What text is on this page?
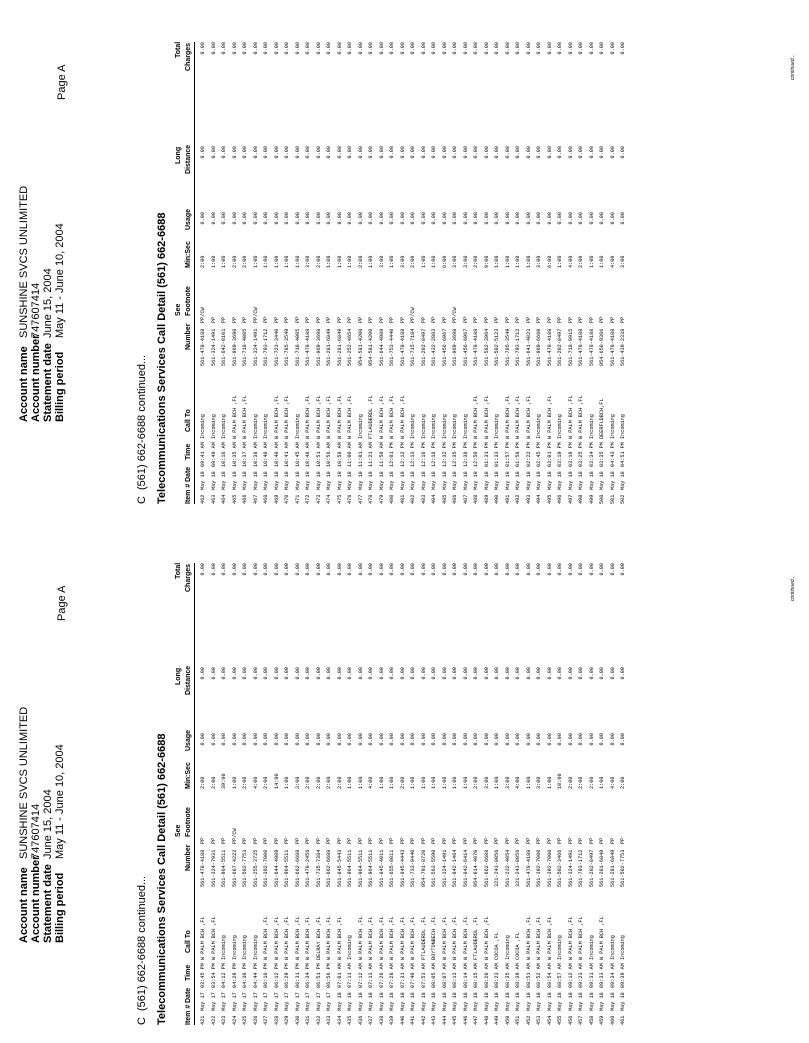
Account name
SUNSHINE SVCS UNLIMITED
Account number
747607414
Statement date
June 15, 2004
Billing period
May 11 - June 10, 2004
Page A
C(561) 662-6688 continued... Telecommunications Services Call Detail (561) 662-6688 Item #
Date
Time
Call To
Number
See Footnote
Min:Sec
Usage
Long Distance
Total Charges
421
May 17
03:45 PM
W PALM BCH ,FL
561-478-4188
PP
2:00
0.00
0.00
0.00
422
May 17
03:54 PM
W PALM BCH ,FL
561-324-7931
PP
2:00
0.00
0.00
0.00
423
May 17
04:12 PM
Incoming
561-964-5511
PP
39:00
0.00
0.00
0.00
424
May 17
04:29 PM
Incoming
561-667-4222
PP/CW
1:00
0.00
0.00
0.00
425
May 17
04:30 PM
Incoming
561-502-7753
PP
2:00
0.00
0.00
0.00
426
May 17
04:44 PM
Incoming
561-255-3725
PP
4:00
0.00
0.00
0.00
427
May 17
06:10 PM
W PALM BCH ,FL
561-392-7000
PP
2:00
0.00
0.00
0.00
428
May 17
06:12 PM
W PALM BCH ,FL
561-644-4989
PP
14:00
0.00
0.00
0.00
429
May 17
06:29 PM
W PALM BCH ,FL
561-964-5511
PP
1:00
0.00
0.00
0.00
430
May 17
06:31 PM
W PALM BCH ,FL
561-662-6688
PP
3:00
0.00
0.00
0.00
431
May 17
06:34 PM
W PALM BCH ,FL
561-478-2456
PP
2:00
0.00
0.00
0.00
432
May 17
06:51 PM
DELRAY BCH ,FL
561-735-7384
PP
2:00
0.00
0.00
0.00
433
May 17
06:56 PM
W PALM BCH ,FL
561-662-6688
PP
2:00
0.00
0.00
0.00
434
May 18
07:01 AM
W PALM BCH ,FL
561-845-5443
PP
2:00
0.00
0.00
0.00
435
May 18
07:11 AM
Incoming
561-964-5511
PP
1:00
0.00
0.00
0.00
436
May 18
07:12 AM
W PALM BCH ,FL
561-964-5511
PP
1:00
0.00
0.00
0.00
437
May 18
07:13 AM
W PALM BCH ,FL
561-964-5511
PP
4:00
0.00
0.00
0.00
438
May 18
07:26 AM
W PALM BCH ,FL
561-845-4011
PP
1:00
0.00
0.00
0.00
439
May 18
07:28 AM
W PALM BCH ,FL
561-655-8011
PP
1:00
0.00
0.00
0.00
440
May 18
07:31 AM
W PALM BCH ,FL
561-845-4443
PP
2:00
0.00
0.00
0.00
441
May 18
07:40 AM
W PALM BCH ,FL
561-733-9440
PP
1:00
0.00
0.00
0.00
442
May 18
07:53 AM
FTLAUDERDL ,FL
954-791-8720
PP
1:00
0.00
0.00
0.00
443
May 18
08:05 AM
BOYTONBECH ,FL
561-563-5590
PP
1:00
0.00
0.00
0.00
444
May 18
08:07 AM
W PALM BCH ,FL
561-324-1491
PP
1:00
0.00
0.00
0.00
445
May 18
08:13 AM
W PALM BCH ,FL
561-842-1464
PP
1:00
0.00
0.00
0.00
446
May 18
08:14 AM
W PALM BCH ,FL
561-842-6414
PP
1:00
0.00
0.00
0.00
447
May 18
08:15 AM
FTLAUDERDL ,FL
954-914-4070
PP
2:00
0.00
0.00
0.00
448
May 18
08:20 AM
W PALM BCH ,FL
561-662-6688
PP
3:00
0.00
0.00
0.00
449
May 18
08:23 AM
COCOA ,FL
321-243-0056
PP
1:00
0.00
0.00
0.00
450
May 18
08:35 AM
Incoming
561-232-4054
PP
3:00
0.00
0.00
0.00
451
May 18
08:39 AM
COCOA ,FL
321-243-0056
PP
4:00
0.00
0.00
0.00
452
May 18
08:51 AM
W PALM BCH ,FL
561-478-4188
PP
1:00
0.00
0.00
0.00
453
May 18
08:52 AM
W PALM BCH ,FL
561-392-7000
PP
3:00
0.00
0.00
0.00
454
May 18
08:54 AM
W PALM BCH ,FL
561-392-7000
PP
1:00
0.00
0.00
0.00
455
May 18
08:57 AM
Incoming
561-502-3466
PP
10:00
0.00
0.00
0.00
456
May 18
09:12 AM
W PALM BCH ,FL
561-324-1491
PP
2:00
0.00
0.00
0.00
457
May 18
09:23 AM
W PALM BCH ,FL
561-793-1712
PP
2:00
0.00
0.00
0.00
458
May 18
09:31 AM
Incoming
561-202-8497
PP
2:00
0.00
0.00
0.00
459
May 18
09:33 AM
W PALM BCH ,FL
561-281-6849
PP
1:00
0.00
0.00
0.00
460
May 18
09:34 AM
Incoming
561-281-6849
PP
4:00
0.00
0.00
0.00
461
May 18
09:39 AM
Incoming
561-502-7753
PP
2:00
0.00
0.00
0.00
continued...
Account name
SUNSHINE SVCS UNLIMITED
Account number
747607414
Statement date
June 15, 2004
Billing period
May 11 - June 10, 2004
Page A
C(561) 662-6688 continued... Telecommunications Services Call Detail (561) 662-6688 Item #
Date
Time
Call To
Number
See Footnote
Min:Sec
Usage
Long Distance
Total Charges
462
May 18
09:41 AM
Incoming
561-478-4188
PP/CW
2:00
0.00
0.00
0.00
463
May 18
09:49 AM
Incoming
561-324-1491
PP
1:00
0.00
0.00
0.00
464
May 18
10:16 AM
Incoming
561-642-0101
PP
1:00
0.00
0.00
0.00
465
May 18
10:35 AM
W PALM BCH ,FL
561-969-3698
PP
2:00
0.00
0.00
0.00
466
May 18
10:37 AM
W PALM BCH ,FL
561-718-4005
PP
2:00
0.00
0.00
0.00
467
May 18
10:38 AM
Incoming
561-324-1491
PP/CW
1:00
0.00
0.00
0.00
468
May 18
10:40 AM
Incoming
561-793-1712
PP
1:00
0.00
0.00
0.00
469
May 18
10:40 AM
W PALM BCH ,FL
561-723-3440
PP
1:00
0.00
0.00
0.00
470
May 18
10:41 AM
W PALM BCH ,FL
561-785-3549
PP
1:00
0.00
0.00
0.00
471
May 18
10:45 AM
Incoming
561-718-4005
PP
1:00
0.00
0.00
0.00
472
May 18
10:48 AM
W PALM BCH ,FL
561-478-4188
PP
3:00
0.00
0.00
0.00
473
May 18
10:51 AM
W PALM BCH ,FL
561-969-3698
PP
2:00
0.00
0.00
0.00
474
May 18
10:56 AM
W PALM BCH ,FL
561-281-6849
PP
1:00
0.00
0.00
0.00
475
May 18
10:58 AM
W PALM BCH ,FL
561-281-6849
PP
1:00
0.00
0.00
0.00
476
May 18
11:00 AM
W PALM BCH ,FL
561-252-4654
PP
1:00
0.00
0.00
0.00
477
May 18
11:01 AM
Incoming
954-581-4200
PP
2:00
0.00
0.00
0.00
478
May 18
11:21 AM
FTLAUDERDL ,FL
954-581-4200
PP
1:00
0.00
0.00
0.00
479
May 18
11:50 AM
W PALM BCH ,FL
561-644-4989
PP
3:00
0.00
0.00
0.00
480
May 18
12:01 PM
W PALM BCH ,FL
561-753-4440
PP
1:00
0.00
0.00
0.00
481
May 18
12:12 PM
W PALM BCH ,FL
561-478-4188
PP
3:00
0.00
0.00
0.00
482
May 18
12:13 PM
Incoming
561-715-7184
PP/CW
2:00
0.00
0.00
0.00
483
May 18
12:16 PM
Incoming
561-202-8497
PP
1:00
0.00
0.00
0.00
484
May 18
12:18 PM
Incoming
561-432-2883
PP
1:00
0.00
0.00
0.00
485
May 18
12:32 PM
Incoming
561-456-6967
PP
6:00
0.00
0.00
0.00
486
May 18
12:35 PM
Incoming
561-969-3698
PP/CW
3:00
0.00
0.00
0.00
487
May 18
12:38 PM
Incoming
561-456-6967
PP
3:00
0.00
0.00
0.00
488
May 18
12:50 PM
W PALM BCH ,FL
561-478-4188
PP
2:00
0.00
0.00
0.00
489
May 18
01:31 PM
W PALM BCH ,FL
561-582-3964
PP
9:00
0.00
0.00
0.00
490
May 18
01:33 PM
Incoming
561-502-5123
PP
1:00
0.00
0.00
0.00
491
May 18
01:57 PM
W PALM BCH ,FL
561-785-3549
PP
1:00
0.00
0.00
0.00
492
May 18
01:58 PM
W PALM BCH ,FL
561-793-1712
PP
1:00
0.00
0.00
0.00
493
May 18
02:22 PM
W PALM BCH ,FL
561-641-4023
PP
1:00
0.00
0.00
0.00
494
May 18
02:45 PM
Incoming
561-969-6660
PP
3:00
0.00
0.00
0.00
495
May 18
03:01 PM
W PALM BCH ,FL
561-478-4188
PP
6:00
0.00
0.00
0.00
496
May 18
03:19 PM
Incoming
561-202-8497
PP
1:00
0.00
0.00
0.00
497
May 18
03:19 PM
W PALM BCH ,FL
561-718-9915
PP
4:00
0.00
0.00
0.00
498
May 18
03:25 PM
W PALM BCH ,FL
561-478-4188
PP
2:00
0.00
0.00
0.00
499
May 18
03:34 PM
Incoming
561-478-4188
PP
1:00
0.00
0.00
0.00
500
May 18
03:35 PM
DEERFLDBCH,FL
954-650-9306
PP
1:00
0.00
0.00
0.00
501
May 18
04:43 PM
Incoming
561-478-4188
PP
4:00
0.00
0.00
0.00
502
May 18
04:51 PM
Incoming
561-439-2338
PP
3:00
0.00
0.00
0.00
continued...
